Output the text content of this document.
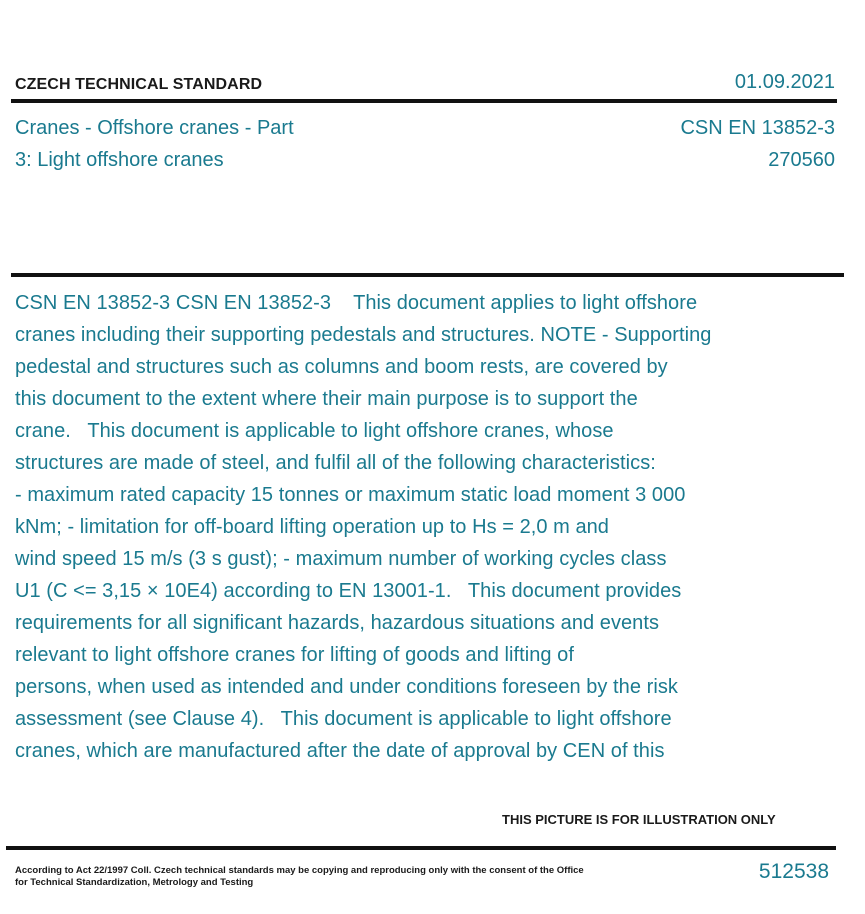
CZECH TECHNICAL STANDARD	01.09.2021
Cranes - Offshore cranes - Part
3: Light offshore cranes
CSN EN 13852-3
270560
CSN EN 13852-3 CSN EN 13852-3    This document applies to light offshore
cranes including their supporting pedestals and structures. NOTE - Supporting
pedestal and structures such as columns and boom rests, are covered by
this document to the extent where their main purpose is to support the
crane.   This document is applicable to light offshore cranes, whose
structures are made of steel, and fulfil all of the following characteristics:
- maximum rated capacity 15 tonnes or maximum static load moment 3 000
kNm; - limitation for off-board lifting operation up to Hs = 2,0 m and
wind speed 15 m/s (3 s gust); - maximum number of working cycles class
U1 (C <= 3,15 × 10E4) according to EN 13001-1.   This document provides
requirements for all significant hazards, hazardous situations and events
relevant to light offshore cranes for lifting of goods and lifting of
persons, when used as intended and under conditions foreseen by the risk
assessment (see Clause 4).   This document is applicable to light offshore
cranes, which are manufactured after the date of approval by CEN of this
THIS PICTURE IS FOR ILLUSTRATION ONLY
According to Act 22/1997 Coll. Czech technical standards may be copying and reproducing only with the consent of the Office
for Technical Standardization, Metrology and Testing	512538
